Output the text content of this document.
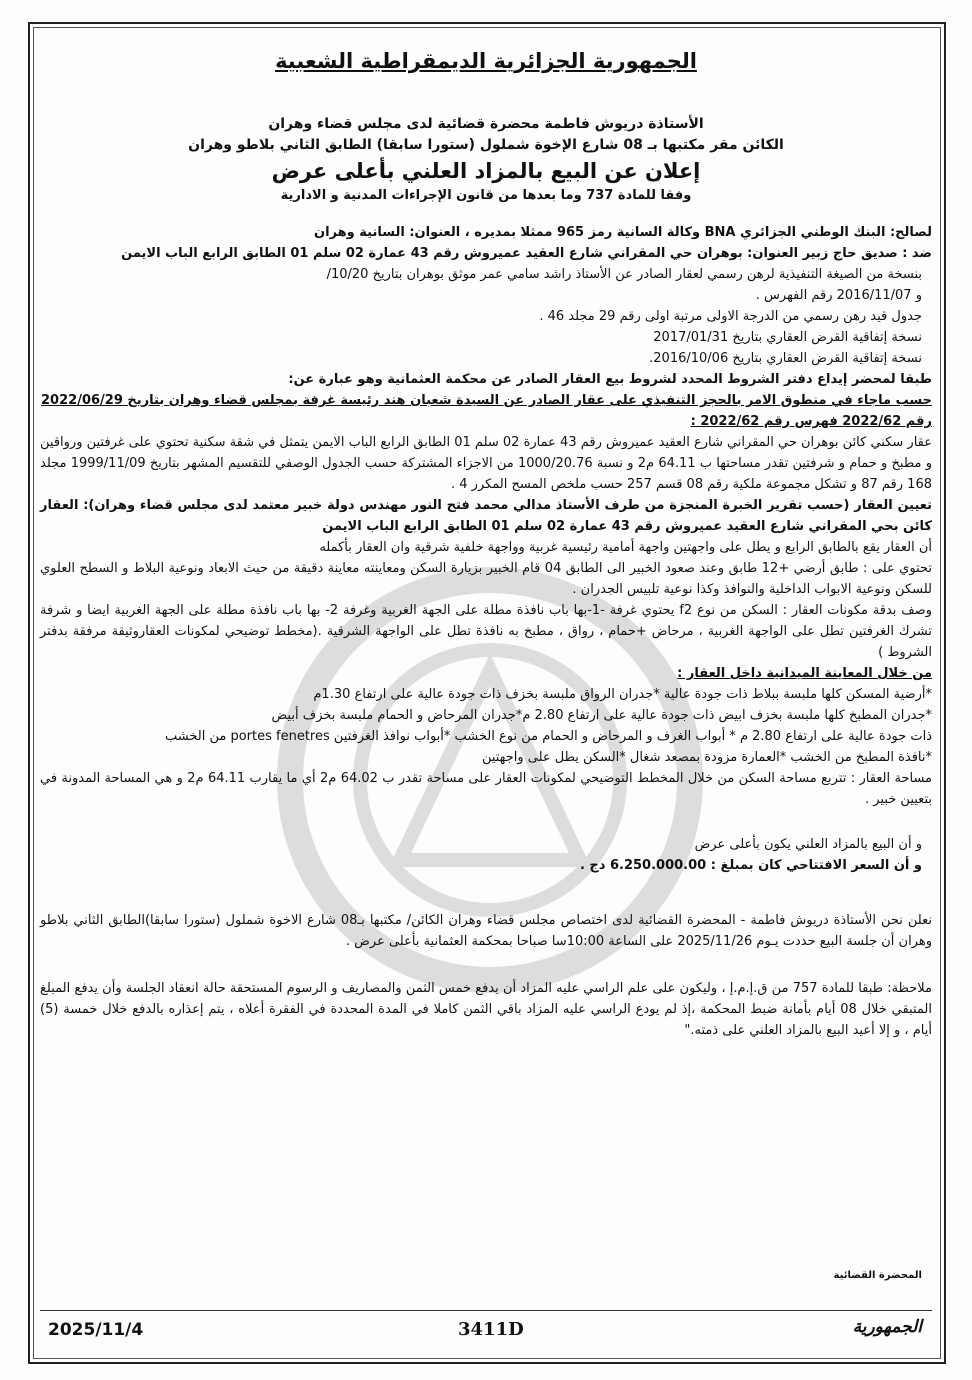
الجمهورية الجزائرية الديمقراطية الشعبية

الأستاذة دريوش فاطمة محضرة قضائية لدى مجلس قضاء وهران

الكائن مقر مكتبها بـ 08 شارع الإخوة شملول (ستورا سابقا) الطابق الثاني بلاطو وهران

إعلان عن البيع بالمزاد العلني بأعلى عرض

وفقا للمادة 737 وما بعدها من قانون الإجراءات المدنية و الادارية

لصالح: البنك الوطني الجزائري BNA وكالة السانية رمز 965 ممثلا بمديره ، العنوان: السانية وهران

ضد : صديق حاج زبير العنوان: بوهران حي المقراني شارع العقيد عميروش رقم 43 عمارة 02 سلم 01 الطابق الرابع الباب الايمن

بنسخة من الصيغة التنفيذية لرهن رسمي لعقار الصادر عن الأستاذ راشد سامي عمر موثق بوهران بتاريخ 10/20/

و 2016/11/07 رقم الفهرس .

جدول قيد رهن رسمي من الدرجة الاولى مرتبة اولى رقم 29 مجلد 46 .

نسخة إتفاقية القرض العقاري بتاريخ 2017/01/31

نسخة إتفاقية القرض العقاري بتاريخ 2016/10/06.

طبقا لمحضر إيداع دفتر الشروط المحدد لشروط بيع العقار الصادر عن محكمة العثمانية وهو عبارة عن:

حسب ماجاء في منطوق الامر بالحجز التنفيذي على عقار الصادر عن السيدة شعبان هند رئيسة غرفة بمجلس قضاء وهران بتاريخ 2022/06/29

رقم 2022/62 فهرس رقم 2022/62 :

عقار سكني كائن بوهران حي المقراني شارع العقيد عميروش رقم 43 عمارة 02 سلم 01 الطابق الرابع الباب الايمن يتمثل في شقة سكنية تحتوي على غرفتين ورواقين و مطبخ و حمام و شرفتين تقدر مساحتها ب 64.11 م2 و نسبة 1000/20.76 من الاجزاء المشتركة حسب الجدول الوصفي للتقسيم المشهر بتاريخ 1999/11/09 مجلد 168 رقم 87 و تشكل مجموعة ملكية رقم 08 قسم 257 حسب ملخص المسح المكرر 4 .

تعيين العقار (حسب تقرير الخبرة المنجزة من طرف الأستاذ مدالي محمد فتح النور مهندس دولة خبير معتمد لدى مجلس قضاء وهران): العقار كائن بحي المقراني شارع العقيد عميروش رقم 43 عمارة 02 سلم 01 الطابق الرابع الباب الايمن

أن العقار يقع بالطابق الرابع و يطل على واجهتين واجهة أمامية رئيسية غربية وواجهة خلفية شرقية وان العقار بأكمله

تحتوي على : طابق أرضي +12 طابق وعند صعود الخبير الى الطابق 04 قام الخبير بزيارة السكن ومعاينته معاينة دقيقة من حيث الابعاد ونوعية البلاط و السطح العلوي للسكن ونوعية الابواب الداخلية والنوافذ وكذا نوعية تلبيس الجدران .

وصف بدقة مكونات العقار : السكن من نوع f2 يحتوي غرفة -1-بها باب نافذة مطلة على الجهة الغربية وغرفة 2- بها باب نافذة مطلة على الجهة الغربية ايضا و شرفة تشرك الغرفتين تطل على الواجهة الغربية ، مرحاض +حمام ، رواق ، مطبخ به نافذة تطل على الواجهة الشرقية .(مخطط توضيحي لمكونات العقاروثيقة مرفقة بدفتر الشروط )

من خلال المعاينة الميدانية داخل العقار :

*أرضية المسكن كلها ملبسة ببلاط ذات جودة عالية *جدران الرواق ملبسة بخزف ذات جودة عالية على ارتفاع 1.30م

*جدران المطبخ كلها ملبسة بخزف ابيض ذات جودة عالية على ارتفاع 2.80 م*جدران المرحاض و الحمام ملبسة بخزف أبيض

ذات جودة عالية على ارتفاع 2.80 م * أبواب الغرف و المرحاض و الحمام من نوع الخشب *أبواب نوافذ الغرفتين portes fenetres من الخشب

*نافذة المطبخ من الخشب *العمارة مزودة بمصعد شغال *السكن يطل على واجهتين

مساحة العقار : تتربع مساحة السكن من خلال المخطط التوضيحي لمكونات العقار على مساحة تقدر ب 64.02 م2 أي ما يقارب 64.11 م2 و هي المساحة المدونة في بتعيين خبير .

و أن البيع بالمزاد العلني يكون بأعلى عرض

و أن السعر الافتتاحي كان بمبلغ : 6.250.000.00 دج .

نعلن نحن الأستاذة دريوش فاطمة - المحضرة القضائية لدى اختصاص مجلس قضاء وهران الكائن/ مكتبها بـ08 شارع الاخوة شملول (ستورا سابقا)الطابق الثاني بلاطو وهران أن جلسة البيع حددت يـوم 2025/11/26 على الساعة 10:00سا صباحا بمحكمة العثمانية بأعلى عرض .

ملاحظة: طبقا للمادة 757 من ق.إ.م.إ ، وليكون على علم الراسي عليه المزاد أن يدفع خمس الثمن والمصاريف و الرسوم المستحقة حالة انعقاد الجلسة وأن يدفع المبلغ المتبقي خلال 08 أيام بأمانة ضبط المحكمة ،إذ لم يودع الراسي عليه المزاد باقي الثمن كاملا في المدة المحددة في الفقرة أعلاه ، يتم إعذاره بالدفع خلال خمسة (5) أيام ، و إلا أعيد البيع بالمزاد العلني على ذمته."

المحضرة القضائية
2025/11/4	3411D	الجمهورية
